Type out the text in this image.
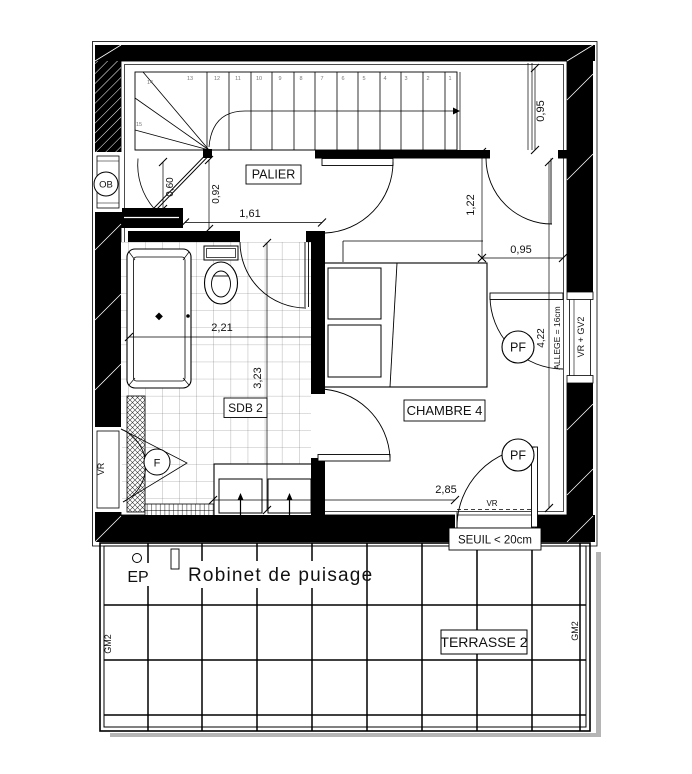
EP Robinet de puisage
GM2
GM2
TERRASSE 2
1
2
3
4
5
6
7
8
9
10
11
12
13
14
15
OB
VR	F
VR + GV2
PF
VR
PF
SEUIL < 20cm
0,95
1,22
0,95
4,22 ALLEGE = 16cm
0,92
0,60
1,61
2,21
3,23
2,85
PALIER
SDB 2	CHAMBRE 4
